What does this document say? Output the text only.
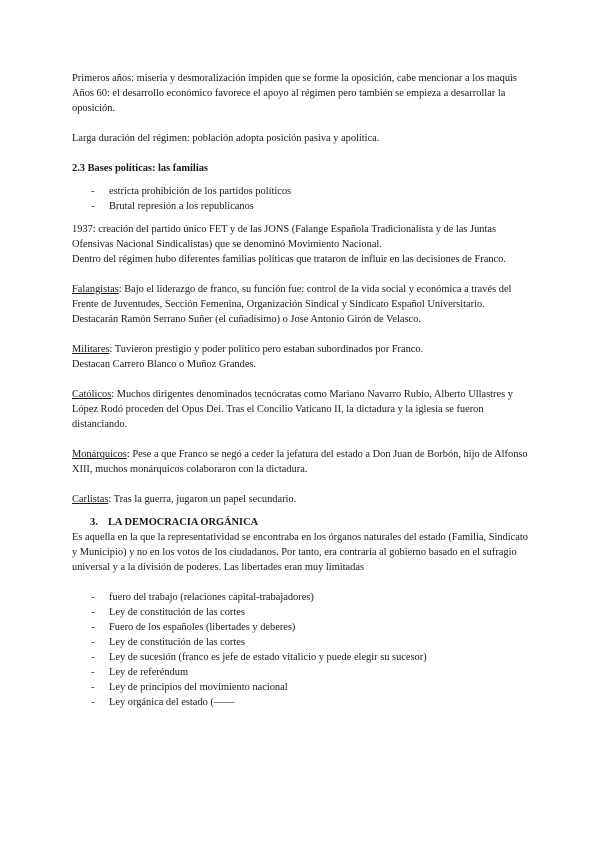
Primeros años: miseria y desmoralización impiden que se forme la oposición, cabe mencionar a los maquis

Años 60: el desarrollo económico favorece el apoyo al régimen pero también se empieza a desarrollar la oposición.

Larga duración del régimen: población adopta posición pasiva y apolítica.

2.3 Bases políticas: las familias

- estricta prohibición de los partidos políticos
- Brutal represión a los republicanos

1937: creación del partido único FET y de las JONS (Falange Española Tradicionalista y de las Juntas Ofensivas Nacional Sindicalistas) que se denominó Movimiento Nacional.

Dentro del régimen hubo diferentes familias políticas que trataron de influir en las decisiones de Franco.

Falangistas: Bajo el liderazgo de franco, su función fue: control de la vida social y económica a través del Frente de Juventudes, Sección Femenina, Organización Sindical y Sindicato Español Universitario.

Destacarán Ramón Serrano Suñer (el cuñadísimo) o Jose Antonio Girón de Velasco.

Militares: Tuvieron prestigio y poder político pero estaban subordinados por Franco.

Destacan Carrero Blanco o Muñoz Grandes.

Católicos: Muchos dirigentes denominados tecnócratas como Mariano Navarro Rubio, Alberto Ullastres y López Rodó proceden del Opus Dei. Tras el Concilio Vaticano II, la dictadura y la iglesia se fueron distanciando.

Monárquicos: Pese a que Franco se negó a ceder la jefatura del estado a Don Juan de Borbón, hijo de Alfonso XIII, muchos monárquicos colaboraron con la dictadura.

Carlistas: Tras la guerra, jugaron un papel secundario.

3. LA DEMOCRACIA ORGÁNICA

Es aquella en la que la representatividad se encontraba en los órganos naturales del estado (Familia, Sindicato y Municipio) y no en los votos de los ciudadanos. Por tanto, era contraria al gobierno basado en el sufragio universal y a la división de poderes. Las libertades eran muy limitadas

- fuero del trabajo (relaciones capital-trabajadores)
- Ley de constitución de las cortes
- Fuero de los españoles (libertades y deberes)
- Ley de constitución de las cortes
- Ley de sucesión (franco es jefe de estado vitalicio y puede elegir su sucesor)
- Ley de referéndum
- Ley de principios del movimiento nacional
- Ley orgánica del estado (——
